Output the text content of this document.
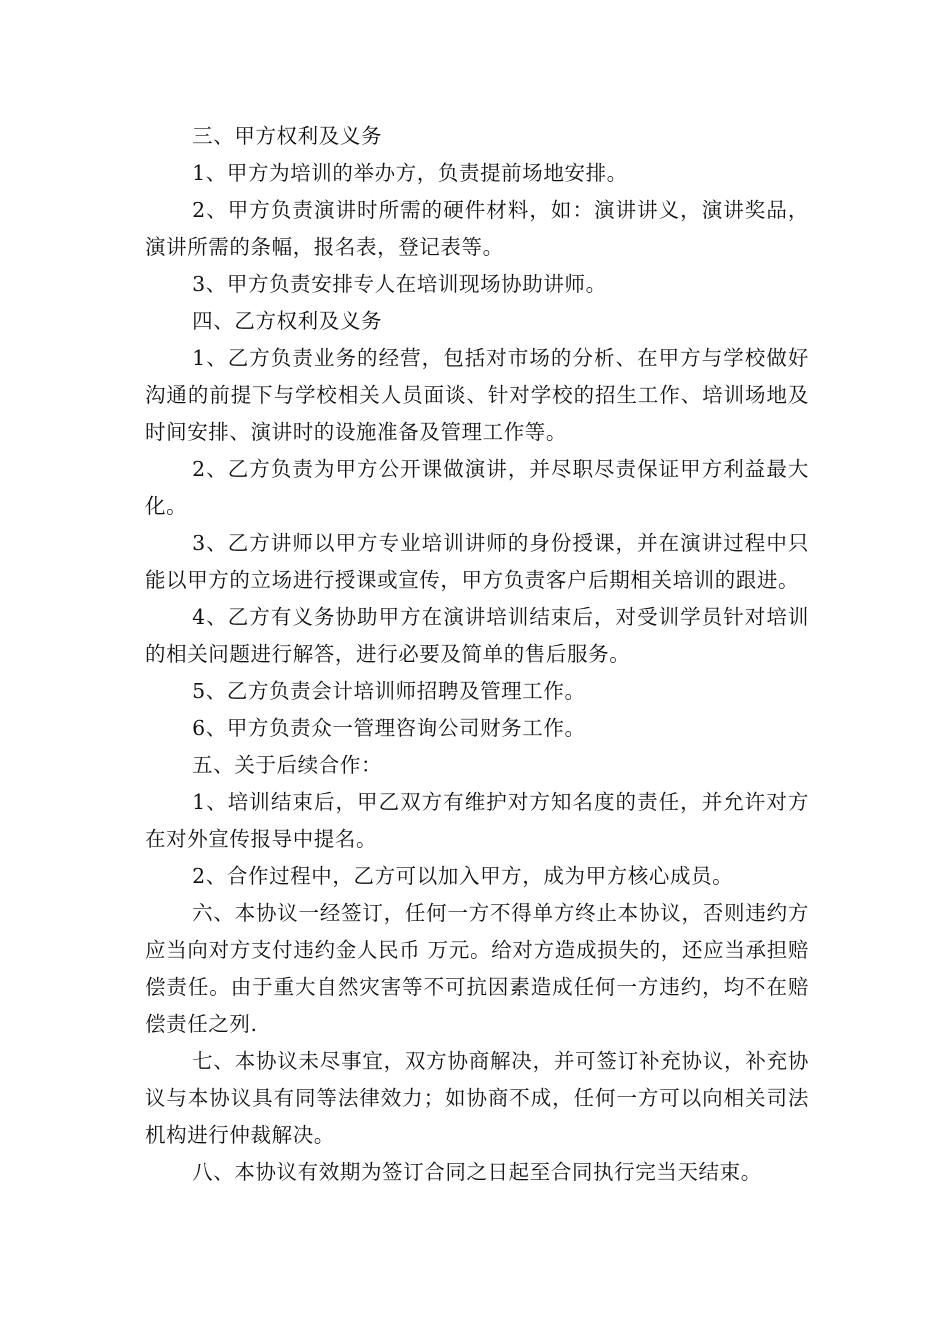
三、甲方权利及义务

1、甲方为培训的举办方，负责提前场地安排。

2、甲方负责演讲时所需的硬件材料，如：演讲讲义，演讲奖品，演讲所需的条幅，报名表，登记表等。

3、甲方负责安排专人在培训现场协助讲师。

四、乙方权利及义务

1、乙方负责业务的经营，包括对市场的分析、在甲方与学校做好沟通的前提下与学校相关人员面谈、针对学校的招生工作、培训场地及时间安排、演讲时的设施准备及管理工作等。

2、乙方负责为甲方公开课做演讲，并尽职尽责保证甲方利益最大化。

3、乙方讲师以甲方专业培训讲师的身份授课，并在演讲过程中只能以甲方的立场进行授课或宣传，甲方负责客户后期相关培训的跟进。

4、乙方有义务协助甲方在演讲培训结束后，对受训学员针对培训的相关问题进行解答，进行必要及简单的售后服务。

5、乙方负责会计培训师招聘及管理工作。

6、甲方负责众一管理咨询公司财务工作。

五、关于后续合作：

1、培训结束后，甲乙双方有维护对方知名度的责任，并允许对方在对外宣传报导中提名。

2、合作过程中，乙方可以加入甲方，成为甲方核心成员。

六、本协议一经签订，任何一方不得单方终止本协议，否则违约方应当向对方支付违约金人民币 万元。给对方造成损失的，还应当承担赔偿责任。由于重大自然灾害等不可抗因素造成任何一方违约，均不在赔偿责任之列.

七、本协议未尽事宜，双方协商解决，并可签订补充协议，补充协议与本协议具有同等法律效力；如协商不成，任何一方可以向相关司法机构进行仲裁解决。

八、本协议有效期为签订合同之日起至合同执行完当天结束。
